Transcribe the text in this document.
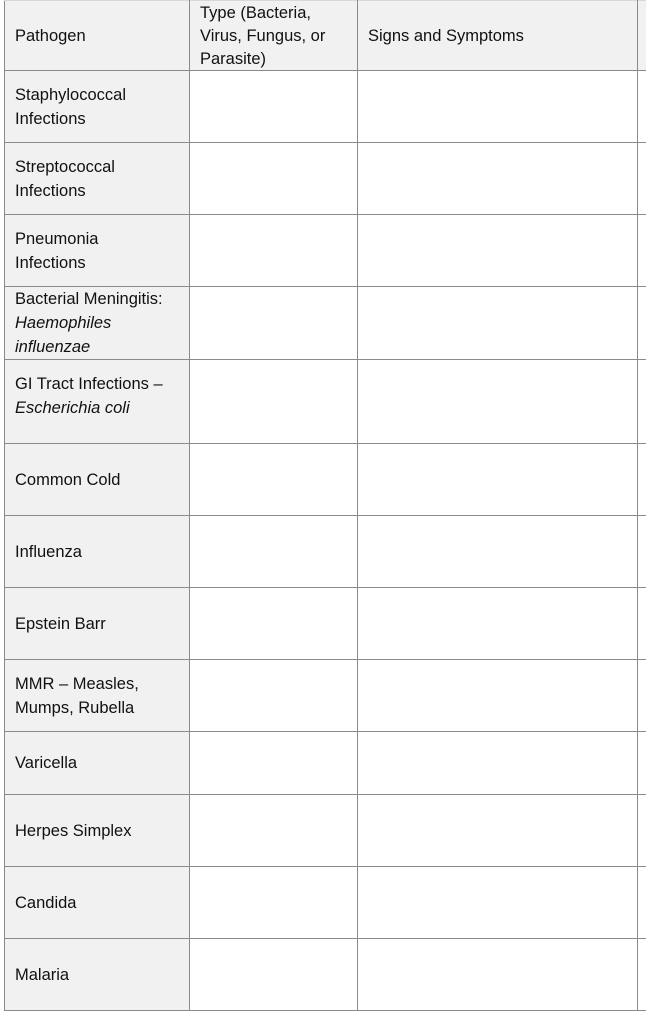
Pathogen	Type (Bacteria,
Virus, Fungus, or
Parasite)	Signs and Symptoms	

Staphylococcal
Infections			

Streptococcal
Infections			

Pneumonia
Infections			

Bacterial Meningitis:
Haemophiles
influenzae			

GI Tract Infections –
Escherichia coli			

Common Cold			

Influenza			

Epstein Barr			

MMR – Measles,
Mumps, Rubella			

Varicella			

Herpes Simplex			

Candida			

Malaria			
